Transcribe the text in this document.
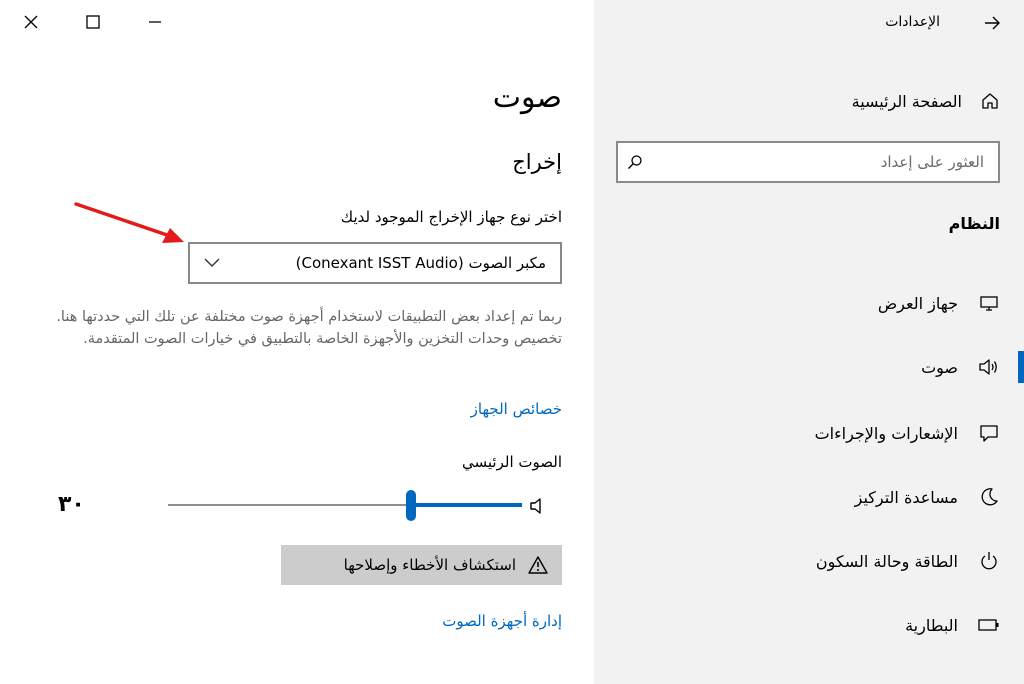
صوت
إخراج
اختر نوع جهاز الإخراج الموجود لديك
مكبر الصوت (Conexant ISST Audio)

ربما تم إعداد بعض التطبيقات لاستخدام أجهزة صوت مختلفة عن تلك التي حددتها هنا. تخصيص وحدات التخزين والأجهزة الخاصة بالتطبيق في خيارات الصوت المتقدمة.

خصائص الجهاز
الصوت الرئيسي
٣٠
استكشاف الأخطاء وإصلاحها
إدارة أجهزة الصوت
الإعدادات
الصفحة الرئيسية
العثور على إعداد
النظام
جهاز العرض
صوت
الإشعارات والإجراءات
مساعدة التركيز
الطاقة وحالة السكون
البطارية
